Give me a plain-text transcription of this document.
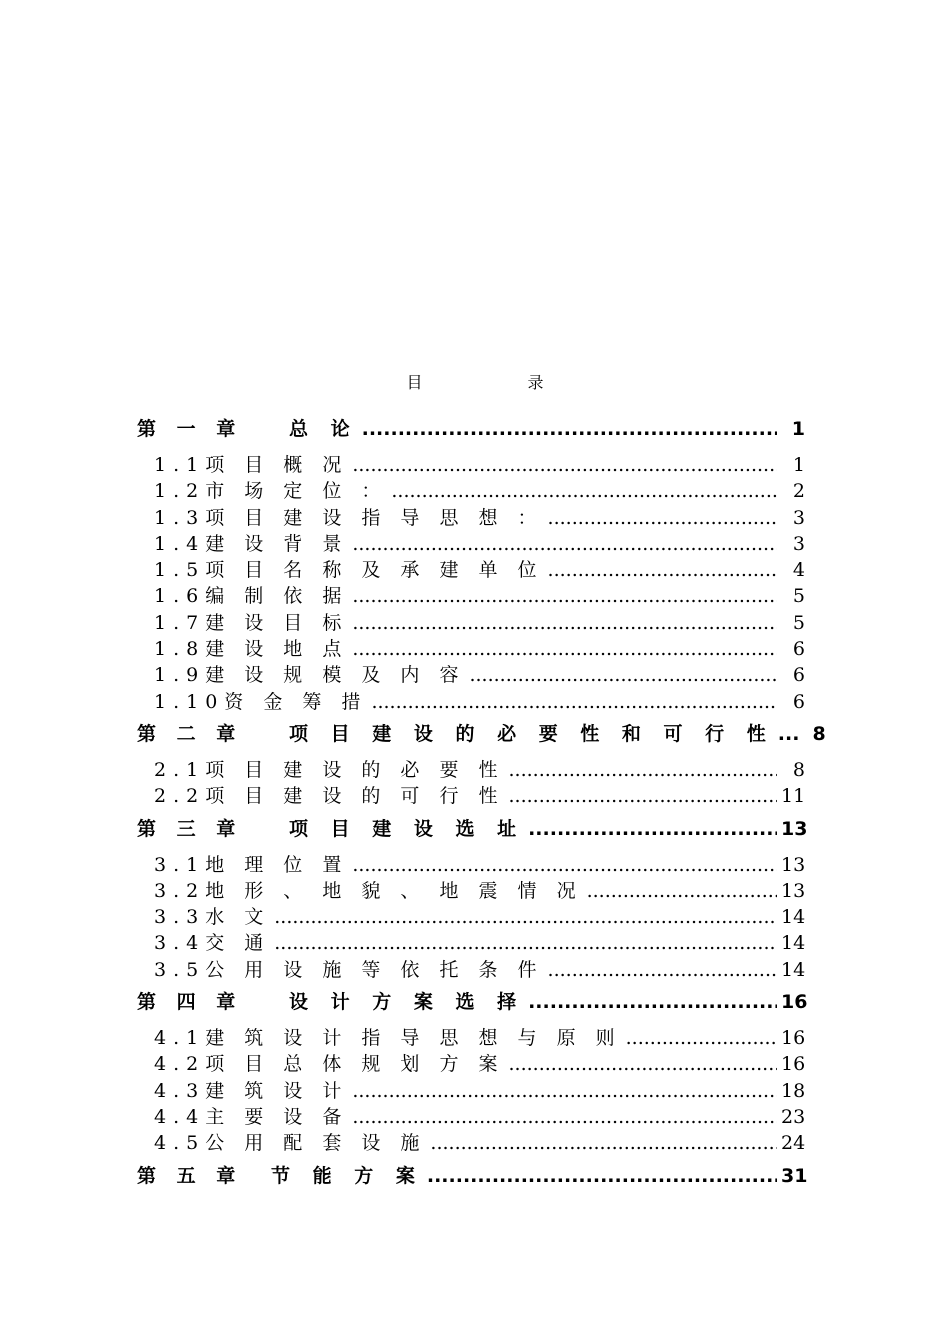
目 录
第 一 章	总 论 .....	1
1.1项 目 概 况 .....	1
1.2市 场 定 位 ： .....	2
1.3项 目 建 设 指 导 思 想 ： .....	3
1.4建 设 背 景 .....	3
1.5项 目 名 称 及 承 建 单 位 .....	4
1.6编 制 依 据 .....	5
1.7建 设 目 标 .....	5
1.8建 设 地 点 .....	6
1.9建 设 规 模 及 内 容 .....	6
1.10资 金 筹 措 .....	6
第 二 章	项 目 建 设 的 必 要 性 和 可 行 性 .....	8
2.1项 目 建 设 的 必 要 性 .....	8
2.2项 目 建 设 的 可 行 性 .....	11
第 三 章	项 目 建 设 选 址 .....	13
3.1地 理 位 置 .....	13
3.2地 形 、 地 貌 、 地 震 情 况 .....	13
3.3水 文 .....	14
3.4交 通 .....	14
3.5公 用 设 施 等 依 托 条 件 .....	14
第 四 章	设 计 方 案 选 择 .....	16
4.1建 筑 设 计 指 导 思 想 与 原 则 .....	16
4.2项 目 总 体 规 划 方 案 .....	16
4.3建 筑 设 计 .....	18
4.4主 要 设 备 .....	23
4.5公 用 配 套 设 施 .....	24
第 五 章	节 能 方 案 .....	31
